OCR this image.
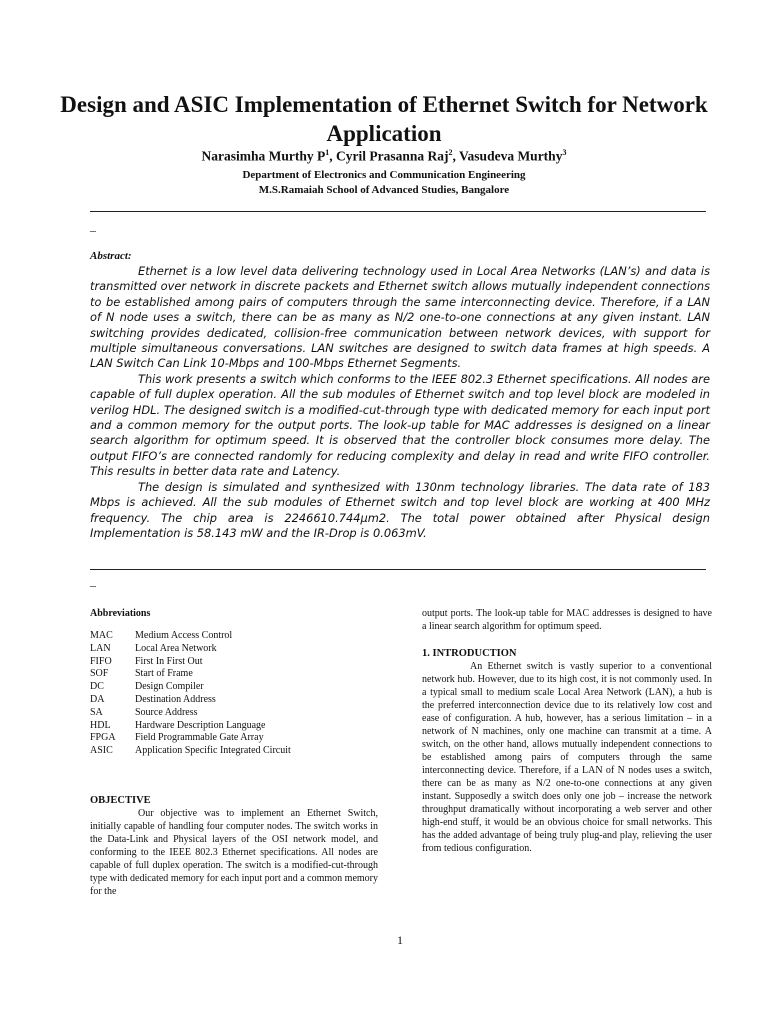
Design and ASIC Implementation of Ethernet Switch for Network Application
Narasimha Murthy $P^1$, Cyril Prasanna Raj$^2$, Vasudeva Murthy$^3$
Department of Electronics and Communication Engineering
M.S.Ramaiah School of Advanced Studies, Bangalore
–
Abstract:

Ethernet is a low level data delivering technology used in Local Area Networks (LAN’s) and data is transmitted over network in discrete packets and Ethernet switch allows mutually independent connections to be established among pairs of computers through the same interconnecting device. Therefore, if a LAN of N node uses a switch, there can be as many as N/2 one-to-one connections at any given instant. LAN switching provides dedicated, collision-free communication between network devices, with support for multiple simultaneous conversations. LAN switches are designed to switch data frames at high speeds. A LAN Switch Can Link 10-Mbps and 100-Mbps Ethernet Segments.

This work presents a switch which conforms to the IEEE 802.3 Ethernet specifications. All nodes are capable of full duplex operation. All the sub modules of Ethernet switch and top level block are modeled in verilog HDL. The designed switch is a modified-cut-through type with dedicated memory for each input port and a common memory for the output ports. The look-up table for MAC addresses is designed on a linear search algorithm for optimum speed. It is observed that the controller block consumes more delay. The output FIFO’s are connected randomly for reducing complexity and delay in read and write FIFO controller. This results in better data rate and Latency.

The design is simulated and synthesized with 130nm technology libraries. The data rate of 183 Mbps is achieved. All the sub modules of Ethernet switch and top level block are working at 400 MHz frequency. The chip area is 2246610.744µm2. The total power obtained after Physical design Implementation is 58.143 mW and the IR-Drop is 0.063mV.

–
Abbreviations
MAC	Medium Access Control
LAN	Local Area Network
FIFO	First In First Out
SOF	Start of Frame
DC	Design Compiler
DA	Destination Address
SA	Source Address
HDL	Hardware Description Language
FPGA	Field Programmable Gate Array
ASIC	Application Specific Integrated Circuit
OBJECTIVE

Our objective was to implement an Ethernet Switch, initially capable of handling four computer nodes. The switch works in the Data-Link and Physical layers of the OSI network model, and conforming to the IEEE 802.3 Ethernet specifications. All nodes are capable of full duplex operation. The switch is a modified-cut-through type with dedicated memory for each input port and a common memory for the

output ports. The look-up table for MAC addresses is designed to have a linear search algorithm for optimum speed.

1. INTRODUCTION

An Ethernet switch is vastly superior to a conventional network hub. However, due to its high cost, it is not commonly used. In a typical small to medium scale Local Area Network (LAN), a hub is the preferred interconnection device due to its relatively low cost and ease of configuration. A hub, however, has a serious limitation – in a network of N machines, only one machine can transmit at a time. A switch, on the other hand, allows mutually independent connections to be established among pairs of computers through the same interconnecting device. Therefore, if a LAN of N nodes uses a switch, there can be as many as N/2 one-to-one connections at any given instant. Supposedly a switch does only one job – increase the network throughput dramatically without incorporating a web server and other high-end stuff, it would be an obvious choice for small networks. This has the added advantage of being truly plug-and play, relieving the user from tedious configuration.

1
